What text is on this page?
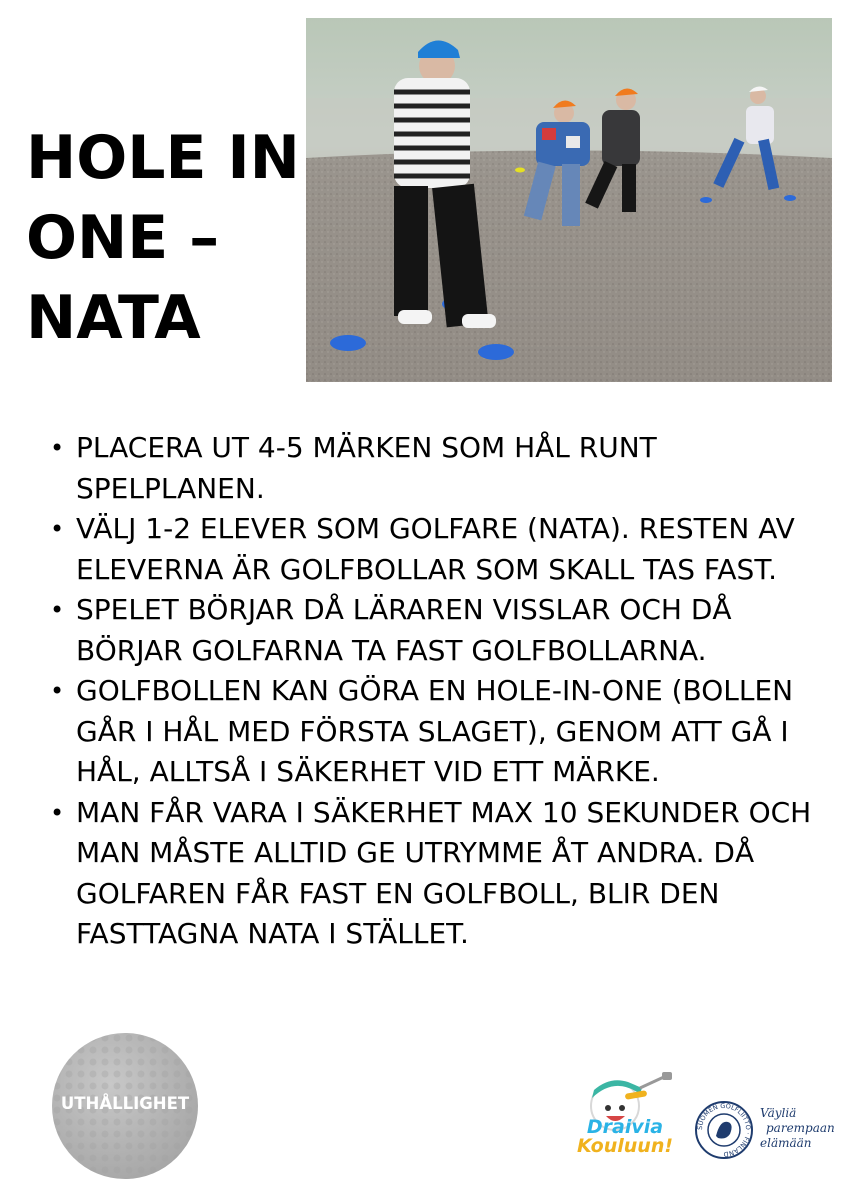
HOLE IN
ONE –
NATA
• PLACERA UT 4-5 MÄRKEN SOM HÅL RUNT SPELPLANEN.
• VÄLJ 1-2 ELEVER SOM GOLFARE (NATA). RESTEN AV ELEVERNA ÄR GOLFBOLLAR SOM SKALL TAS FAST.
• SPELET BÖRJAR DÅ LÄRAREN VISSLAR OCH DÅ BÖRJAR GOLFARNA TA FAST GOLFBOLLARNA.
• GOLFBOLLEN KAN GÖRA EN HOLE-IN-ONE (BOLLEN GÅR I HÅL MED FÖRSTA SLAGET), GENOM ATT GÅ I HÅL, ALLTSÅ I SÄKERHET VID ETT MÄRKE.
• MAN FÅR VARA I SÄKERHET MAX 10 SEKUNDER OCH MAN MÅSTE ALLTID GE UTRYMME ÅT ANDRA. DÅ GOLFAREN FÅR FAST EN GOLFBOLL, BLIR DEN FASTTAGNA NATA I STÄLLET.
UTHÅLLIGHET
Draivia
Kouluun!
SUOMEN GOLFLIITTO · FINLAND
Väyliä
parempaan
elämään
